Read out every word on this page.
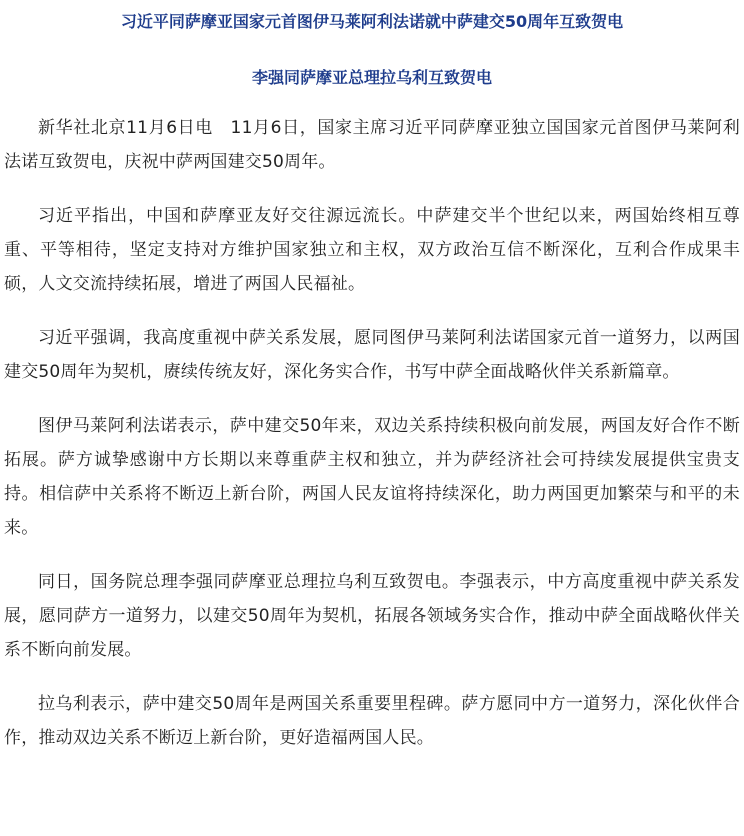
习近平同萨摩亚国家元首图伊马莱阿利法诺就中萨建交50周年互致贺电
李强同萨摩亚总理拉乌利互致贺电

新华社北京11月6日电　11月6日，国家主席习近平同萨摩亚独立国国家元首图伊马莱阿利法诺互致贺电，庆祝中萨两国建交50周年。

习近平指出，中国和萨摩亚友好交往源远流长。中萨建交半个世纪以来，两国始终相互尊重、平等相待，坚定支持对方维护国家独立和主权，双方政治互信不断深化，互利合作成果丰硕，人文交流持续拓展，增进了两国人民福祉。

习近平强调，我高度重视中萨关系发展，愿同图伊马莱阿利法诺国家元首一道努力，以两国建交50周年为契机，赓续传统友好，深化务实合作，书写中萨全面战略伙伴关系新篇章。

图伊马莱阿利法诺表示，萨中建交50年来，双边关系持续积极向前发展，两国友好合作不断拓展。萨方诚挚感谢中方长期以来尊重萨主权和独立，并为萨经济社会可持续发展提供宝贵支持。相信萨中关系将不断迈上新台阶，两国人民友谊将持续深化，助力两国更加繁荣与和平的未来。

同日，国务院总理李强同萨摩亚总理拉乌利互致贺电。李强表示，中方高度重视中萨关系发展，愿同萨方一道努力，以建交50周年为契机，拓展各领域务实合作，推动中萨全面战略伙伴关系不断向前发展。

拉乌利表示，萨中建交50周年是两国关系重要里程碑。萨方愿同中方一道努力，深化伙伴合作，推动双边关系不断迈上新台阶，更好造福两国人民。
